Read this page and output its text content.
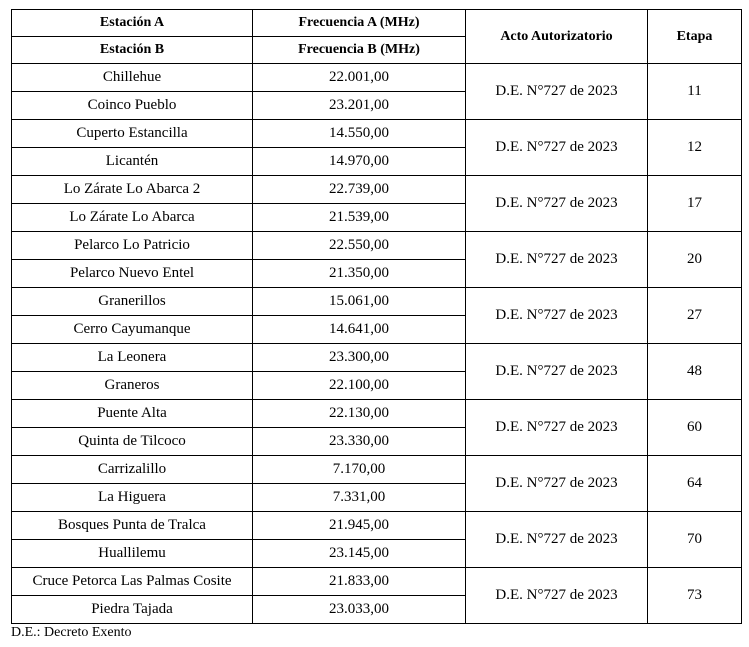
Estación A	Frecuencia A (MHz)	Acto Autorizatorio	Etapa
Estación B	Frecuencia B (MHz)		
Chillehue	22.001,00	D.E. N°727 de 2023	11
Coinco Pueblo	23.201,00		
Cuperto Estancilla	14.550,00	D.E. N°727 de 2023	12
Licantén	14.970,00		
Lo Zárate Lo Abarca 2	22.739,00	D.E. N°727 de 2023	17
Lo Zárate Lo Abarca	21.539,00		
Pelarco Lo Patricio	22.550,00	D.E. N°727 de 2023	20
Pelarco Nuevo Entel	21.350,00		
Granerillos	15.061,00	D.E. N°727 de 2023	27
Cerro Cayumanque	14.641,00		
La Leonera	23.300,00	D.E. N°727 de 2023	48
Graneros	22.100,00		
Puente Alta	22.130,00	D.E. N°727 de 2023	60
Quinta de Tilcoco	23.330,00		
Carrizalillo	7.170,00	D.E. N°727 de 2023	64
La Higuera	7.331,00		
Bosques Punta de Tralca	21.945,00	D.E. N°727 de 2023	70
Huallilemu	23.145,00		
Cruce Petorca Las Palmas Cosite	21.833,00	D.E. N°727 de 2023	73
Piedra Tajada	23.033,00		
D.E.: Decreto Exento
